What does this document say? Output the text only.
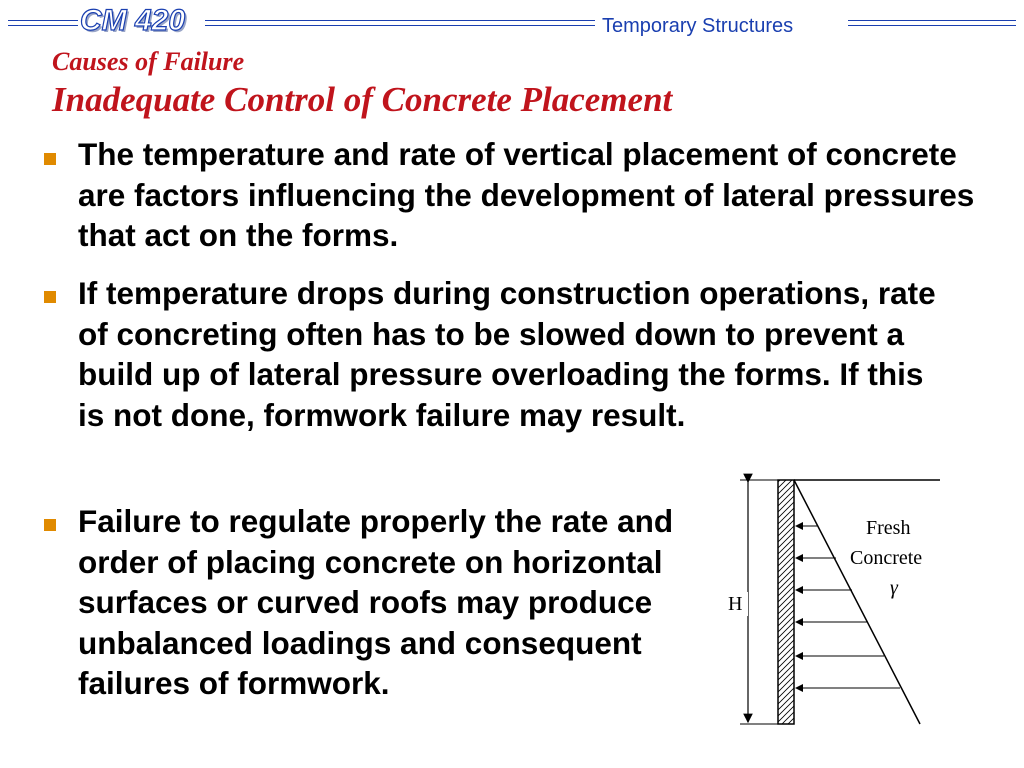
CM 420	Temporary Structures
Causes of Failure
Inadequate Control of Concrete Placement

The temperature and rate of vertical placement of concrete are factors influencing the development of lateral pressures that act on the forms.

If temperature drops during construction operations, rate of concreting often has to be slowed down to prevent a build up of lateral pressure overloading the forms. If this is not done, formwork failure may result.

Failure to regulate properly the rate and order of placing concrete on horizontal surfaces or curved roofs may produce unbalanced loadings and consequent failures of formwork.

H
Fresh
Concrete
γ
